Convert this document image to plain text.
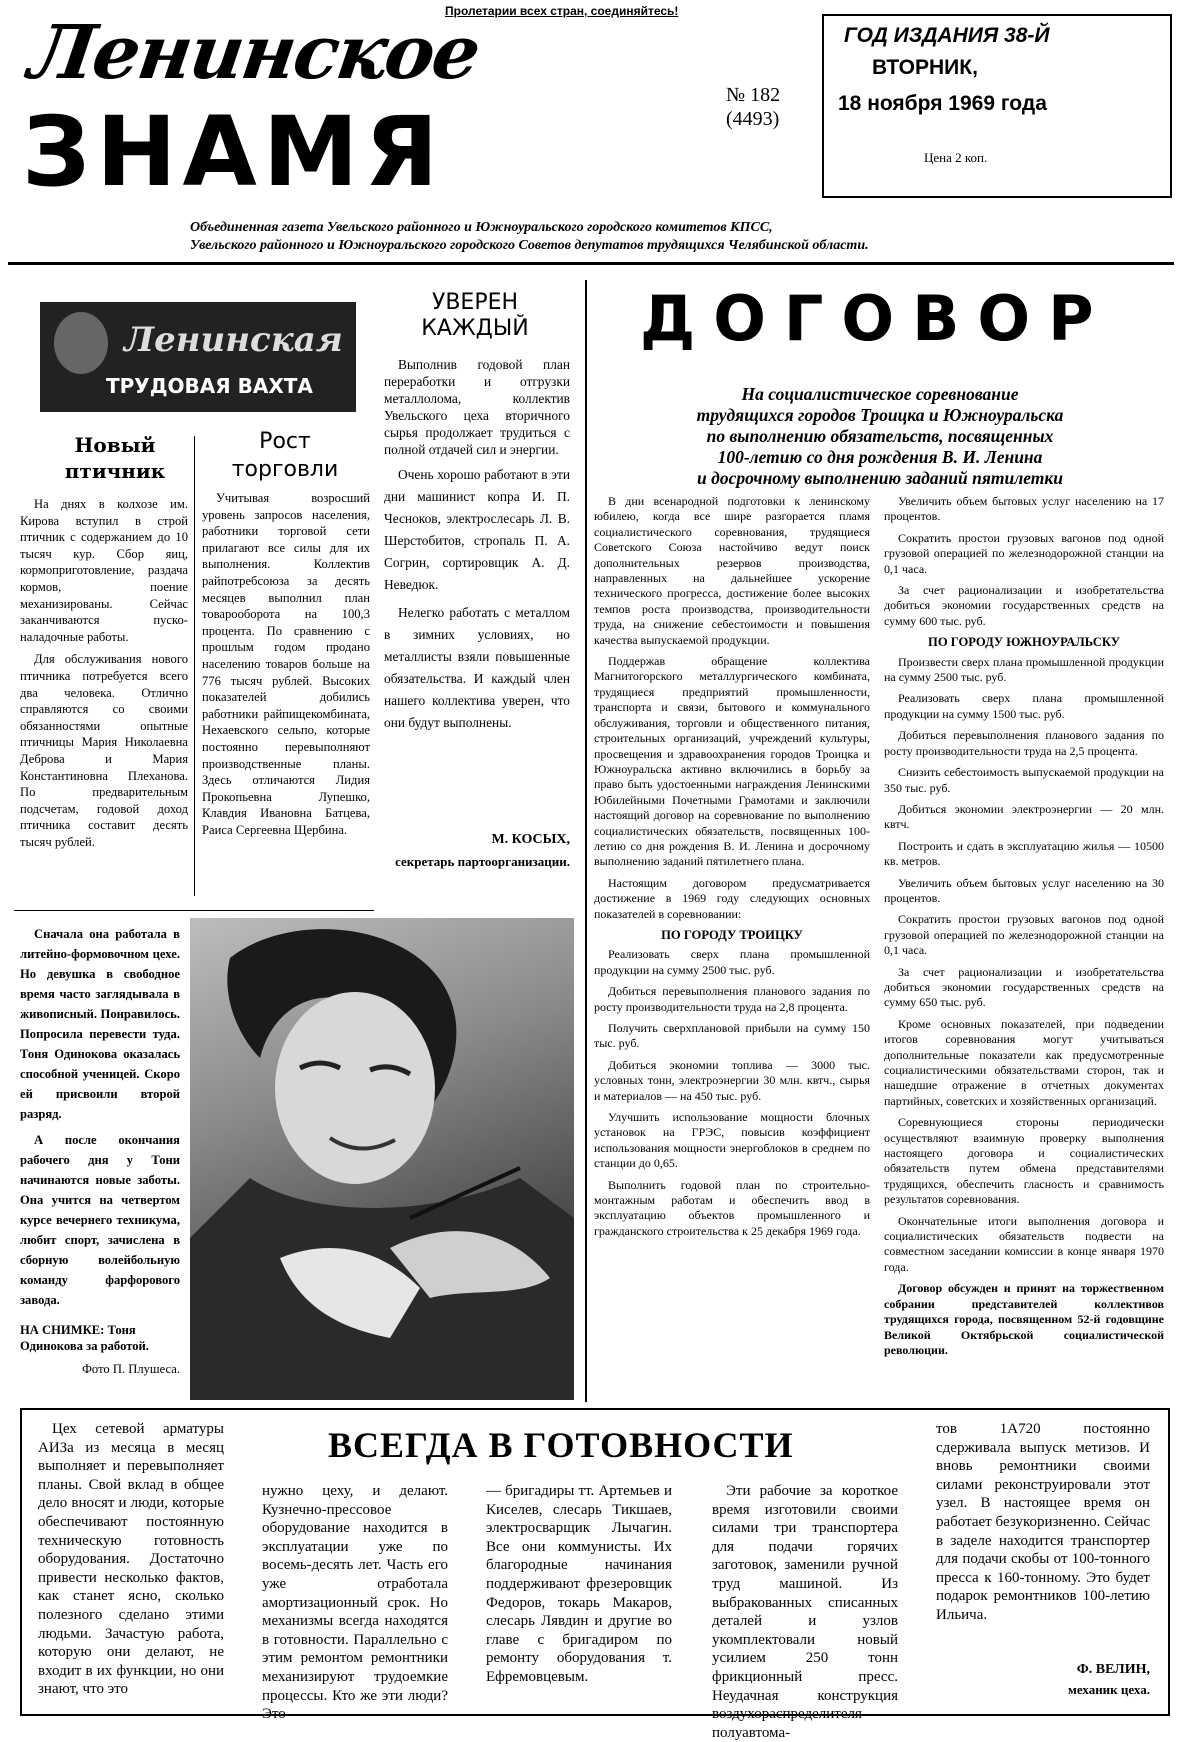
Пролетарии всех стран, соединяйтесь!
Ленинское
ЗНАМЯ
№ 182
(4493)
ГОД ИЗДАНИЯ 38-Й
ВТОРНИК,
18 ноября 1969 года
Цена 2 коп.
Объединенная газета Увельского районного и Южноуральского городского комитетов КПСС,
Увельского районного и Южноуральского городского Советов депутатов трудящихся Челябинской области.
Ленинская
ТРУДОВАЯ ВАХТА
Новый
птичник

На днях в колхозе им. Кирова вступил в строй птичник с содержанием до 10 тысяч кур. Сбор яиц, кормоприготовление, раздача кормов, поение механизированы. Сейчас заканчиваются пуско-наладочные работы.

Для обслуживания нового птичника потребуется всего два человека. Отлично справляются со своими обязанностями опытные птичницы Мария Николаевна Деброва и Мария Константиновна Плеханова. По предварительным подсчетам, годовой доход птичника составит десять тысяч рублей.

Рост
торговли

Учитывая возросший уровень запросов населения, работники торговой сети прилагают все силы для их выполнения. Коллектив райпотребсоюза за десять месяцев выполнил план товарооборота на 100,3 процента. По сравнению с прошлым годом продано населению товаров больше на 776 тысяч рублей. Высоких показателей добились работники райпищекомбината, Нехаевского сельпо, которые постоянно перевыполняют производственные планы. Здесь отличаются Лидия Прокопьевна Лупешко, Клавдия Ивановна Батцева, Раиса Сергеевна Щербина.

УВЕРЕН
КАЖДЫЙ

Выполнив годовой план переработки и отгрузки металлолома, коллектив Увельского цеха вторичного сырья продолжает трудиться с полной отдачей сил и энергии.

Очень хорошо работают в эти дни машинист копра И. П. Чесноков, электрослесарь Л. В. Шерстобитов, стропаль П. А. Согрин, сортировщик А. Д. Неведюк.

Нелегко работать с металлом в зимних условиях, но металлисты взяли повышенные обязательства. И каждый член нашего коллектива уверен, что они будут выполнены.

М. КОСЫХ,
секретарь партоорганизации.

Сначала она работала в литейно-формовочном цехе. Но девушка в свободное время часто заглядывала в живописный. Понравилось. Попросила перевести туда. Тоня Одинокова оказалась способной ученицей. Скоро ей присвоили второй разряд.

А после окончания рабочего дня у Тони начинаются новые заботы. Она учится на четвертом курсе вечернего техникума, любит спорт, зачислена в сборную волейбольную команду фарфорового завода.

НА СНИМКЕ: Тоня Одинокова за работой.
Фото П. Плушеса.
ДОГОВОР
На социалистическое соревнование
трудящихся городов Троицка и Южноуральска
по выполнению обязательств, посвященных
100-летию со дня рождения В. И. Ленина
и досрочному выполнению заданий пятилетки

В дни всенародной подготовки к ленинскому юбилею, когда все шире разгорается пламя социалистического соревнования, трудящиеся Советского Союза настойчиво ведут поиск дополнительных резервов производства, направленных на дальнейшее ускорение технического прогресса, достижение более высоких темпов роста производства, производительности труда, на снижение себестоимости и повышения качества выпускаемой продукции.

Поддержав обращение коллектива Магнитогорского металлургического комбината, трудящиеся предприятий промышленности, транспорта и связи, бытового и коммунального обслуживания, торговли и общественного питания, строительных организаций, учреждений культуры, просвещения и здравоохранения городов Троицка и Южноуральска активно включились в борьбу за право быть удостоенными награждения Ленинскими Юбилейными Почетными Грамотами и заключили настоящий договор на соревнование по выполнению социалистических обязательств, посвященных 100-летию со дня рождения В. И. Ленина и досрочному выполнению заданий пятилетнего плана.

Настоящим договором предусматривается достижение в 1969 году следующих основных показателей в соревновании:

ПО ГОРОДУ ТРОИЦКУ

Реализовать сверх плана промышленной продукции на сумму 2500 тыс. руб.

Добиться перевыполнения планового задания по росту производительности труда на 2,8 процента.

Получить сверхплановой прибыли на сумму 150 тыс. руб.

Добиться экономии топлива — 3000 тыс. условных тонн, электроэнергии 30 млн. квтч., сырья и материалов — на 450 тыс. руб.

Улучшить использование мощности блочных установок на ГРЭС, повысив коэффициент использования мощности энергоблоков в среднем по станции до 0,65.

Выполнить годовой план по строительно-монтажным работам и обеспечить ввод в эксплуатацию объектов промышленного и гражданского строительства к 25 декабря 1969 года.

Увеличить объем бытовых услуг населению на 17 процентов.

Сократить простои грузовых вагонов под одной грузовой операцией по железнодорожной станции на 0,1 часа.

За счет рационализации и изобретательства добиться экономии государственных средств на сумму 600 тыс. руб.

ПО ГОРОДУ ЮЖНОУРАЛЬСКУ

Произвести сверх плана промышленной продукции на сумму 2500 тыс. руб.

Реализовать сверх плана промышленной продукции на сумму 1500 тыс. руб.

Добиться перевыполнения планового задания по росту производительности труда на 2,5 процента.

Снизить себестоимость выпускаемой продукции на 350 тыс. руб.

Добиться экономии электроэнергии — 20 млн. квтч.

Построить и сдать в эксплуатацию жилья — 10500 кв. метров.

Увеличить объем бытовых услуг населению на 30 процентов.

Сократить простои грузовых вагонов под одной грузовой операцией по железнодорожной станции на 0,1 часа.

За счет рационализации и изобретательства добиться экономии государственных средств на сумму 650 тыс. руб.

Кроме основных показателей, при подведении итогов соревнования могут учитываться дополнительные показатели как предусмотренные социалистическими обязательствами сторон, так и нашедшие отражение в отчетных документах партийных, советских и хозяйственных организаций.

Соревнующиеся стороны периодически осуществляют взаимную проверку выполнения настоящего договора и социалистических обязательств путем обмена представителями трудящихся, обеспечить гласность и сравнимость результатов соревнования.

Окончательные итоги выполнения договора и социалистических обязательств подвести на совместном заседании комиссии в конце января 1970 года.

Договор обсужден и принят на торжественном собрании представителей коллективов трудящихся города, посвященном 52-й годовщине Великой Октябрьской социалистической революции.

ВСЕГДА В ГОТОВНОСТИ
Цех сетевой арматуры АИЗа из месяца в месяц выполняет и перевыполняет планы. Свой вклад в общее дело вносят и люди, которые обеспечивают постоянную техническую готовность оборудования. Достаточно привести несколько фактов, как станет ясно, сколько полезного сделано этими людьми. Зачастую работа, которую они делают, не входит в их функции, но они знают, что это
нужно цеху, и делают. Кузнечно-прессовое оборудование находится в эксплуатации уже по восемь-десять лет. Часть его уже отработала амортизационный срок. Но механизмы всегда находятся в готовности. Параллельно с этим ремонтом ремонтники механизируют трудоемкие процессы. Кто же эти люди? Это
— бригадиры тт. Артемьев и Киселев, слесарь Тикшаев, электросварщик Лычагин. Все они коммунисты. Их благородные начинания поддерживают фрезеровщик Федоров, токарь Макаров, слесарь Лявдин и другие во главе с бригадиром по ремонту оборудования т. Ефремовцевым.
Эти рабочие за короткое время изготовили своими силами три транспортера для подачи горячих заготовок, заменили ручной труд машиной. Из выбракованных списанных деталей и узлов укомплектовали новый усилием 250 тонн фрикционный пресс. Неудачная конструкция воздухораспределителя полуавтома-
тов 1А720 постоянно сдерживала выпуск метизов. И вновь ремонтники своими силами реконструировали этот узел. В настоящее время он работает безукоризненно. Сейчас в заделе находится транспортер для подачи скобы от 100-тонного пресса к 160-тонному. Это будет подарок ремонтников 100-летию Ильича.
Ф. ВЕЛИН,
механик цеха.
